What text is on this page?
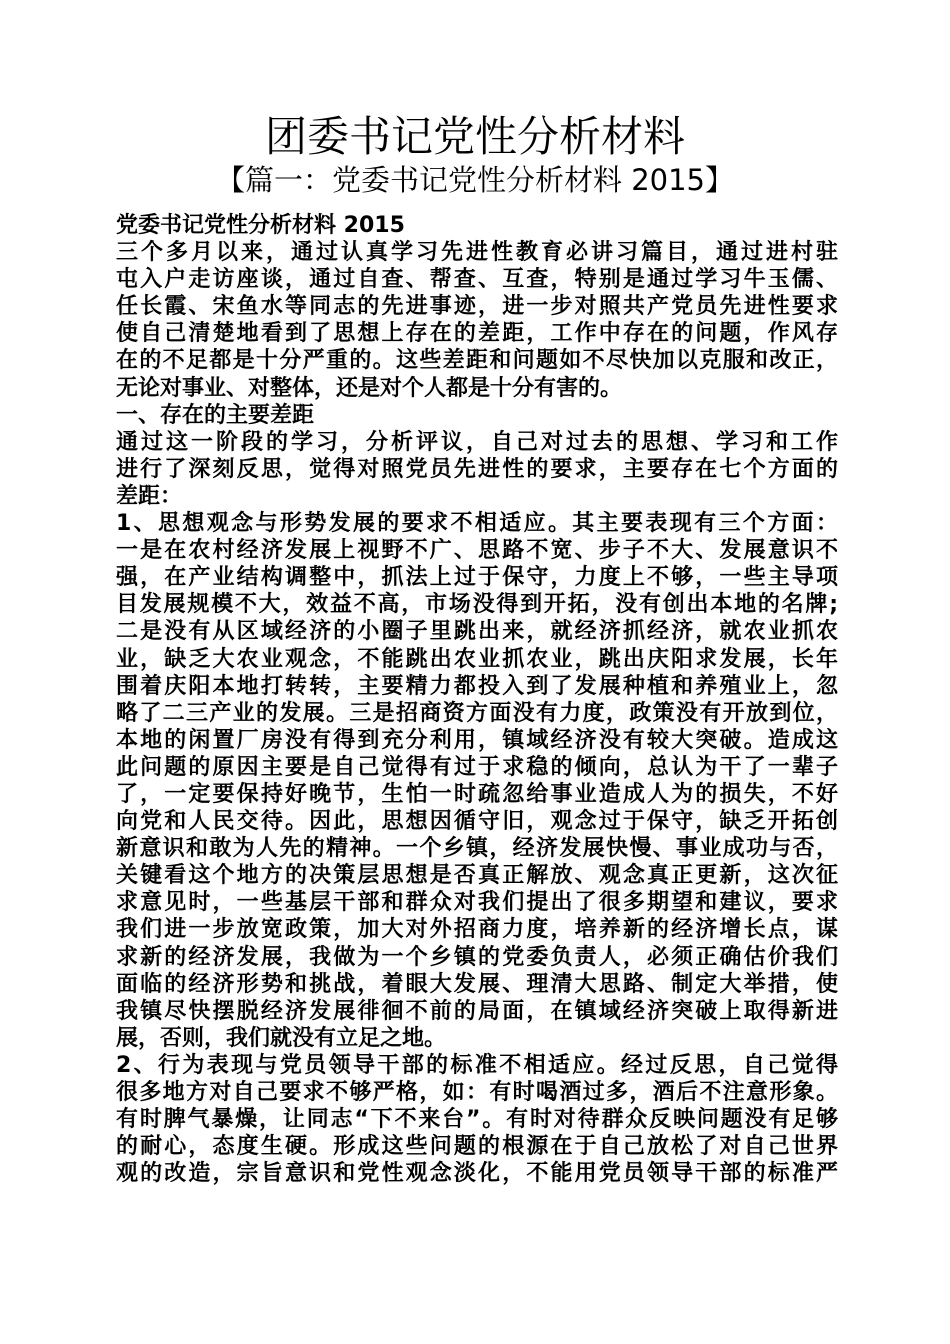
团委书记党性分析材料
【篇一：党委书记党性分析材料 2015】
党委书记党性分析材料 2015
三个多月以来，通过认真学习先进性教育必讲习篇目，通过进村驻
屯入户走访座谈，通过自查、帮查、互查，特别是通过学习牛玉儒、
任长霞、宋鱼水等同志的先进事迹，进一步对照共产党员先进性要求
使自己清楚地看到了思想上存在的差距，工作中存在的问题，作风存
在的不足都是十分严重的。这些差距和问题如不尽快加以克服和改正，
无论对事业、对整体，还是对个人都是十分有害的。
一、存在的主要差距
通过这一阶段的学习，分析评议，自己对过去的思想、学习和工作
进行了深刻反思，觉得对照党员先进性的要求，主要存在七个方面的
差距：
1、思想观念与形势发展的要求不相适应。其主要表现有三个方面：
一是在农村经济发展上视野不广、思路不宽、步子不大、发展意识不
强，在产业结构调整中，抓法上过于保守，力度上不够，一些主导项
目发展规模不大，效益不高，市场没得到开拓，没有创出本地的名牌;
二是没有从区域经济的小圈子里跳出来，就经济抓经济，就农业抓农
业，缺乏大农业观念，不能跳出农业抓农业，跳出庆阳求发展，长年
围着庆阳本地打转转，主要精力都投入到了发展种植和养殖业上，忽
略了二三产业的发展。三是招商资方面没有力度，政策没有开放到位，
本地的闲置厂房没有得到充分利用，镇域经济没有较大突破。造成这
此问题的原因主要是自己觉得有过于求稳的倾向，总认为干了一辈子
了，一定要保持好晚节，生怕一时疏忽给事业造成人为的损失，不好
向党和人民交待。因此，思想因循守旧，观念过于保守，缺乏开拓创
新意识和敢为人先的精神。一个乡镇，经济发展快慢、事业成功与否，
关键看这个地方的决策层思想是否真正解放、观念真正更新，这次征
求意见时，一些基层干部和群众对我们提出了很多期望和建议，要求
我们进一步放宽政策，加大对外招商力度，培养新的经济增长点，谋
求新的经济发展，我做为一个乡镇的党委负责人，必须正确估价我们
面临的经济形势和挑战，着眼大发展、理清大思路、制定大举措，使
我镇尽快摆脱经济发展徘徊不前的局面，在镇域经济突破上取得新进
展，否则，我们就没有立足之地。
2、行为表现与党员领导干部的标准不相适应。经过反思，自己觉得
很多地方对自己要求不够严格，如：有时喝酒过多，酒后不注意形象。
有时脾气暴燥，让同志“下不来台”。有时对待群众反映问题没有足够
的耐心，态度生硬。形成这些问题的根源在于自己放松了对自己世界
观的改造，宗旨意识和党性观念淡化，不能用党员领导干部的标准严
